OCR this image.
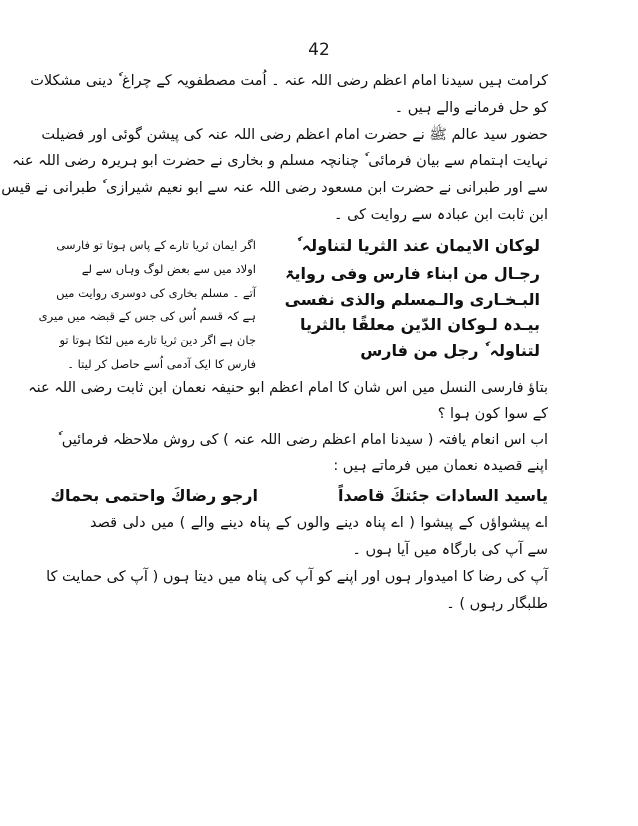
42
کرامت ہیں سیدنا امام اعظم رضی اللہ عنہ ۔ اُمت مصطفویہ کے چراغ ٗ دینی مشکلات
کو حل فرمانے والے ہیں ۔
حضور سید عالم ﷺ نے حضرت امام اعظم رضی اللہ عنہ کی پیشن گوئی اور فضیلت
نہایت اہتمام سے بیان فرمائی ٗ چنانچہ مسلم و بخاری نے حضرت ابو ہریرہ رضی اللہ عنہ
سے اور طبرانی نے حضرت ابن مسعود رضی اللہ عنہ سے ابو نعیم شیرازی ٗ طبرانی نے قیس
ابن ثابت ابن عبادہ سے روایت کی ۔
لوکان الایمان عند الثریا لتناولہ ٗ
رجـال من ابناء فارس وفی روایۃ
البـخـاری والـمسلم والذی نفسی
بیـدہ لـوکان الدّین معلقًا بالثریا
لتناولہ ٗ رجل من فارس
اگر ایمان ثریا تارے کے پاس ہوتا تو فارسی
اولاد میں سے بعض لوگ وہاں سے لے
آتے ۔ مسلم بخاری کی دوسری روایت میں
ہے کہ قسم اُس کی جس کے قبضہ میں میری
جان ہے اگر دین ثریا تارے میں لٹکا ہوتا تو
فارس کا ایک آدمی اُسے حاصل کر لیتا ۔
بتاؤ فارسی النسل میں اس شان کا امام اعظم ابو حنیفہ نعمان ابن ثابت رضی اللہ عنہ
کے سوا کون ہوا ؟
اب اس انعام یافتہ ( سیدنا امام اعظم رضی اللہ عنہ ) کی روش ملاحظہ فرمائیں ٗ
اپنے قصیدہ نعمان میں فرماتے ہیں :
یاسید السادات جئتكَ قاصداً
ارجو رضاكَ واحتمی بحماك
اے پیشواؤں کے پیشوا ( اے پناہ دینے والوں کے پناہ دینے والے ) میں دلی قصد
سے آپ کی بارگاہ میں آیا ہوں ۔
آپ کی رضا کا امیدوار ہوں اور اپنے کو آپ کی پناہ میں دیتا ہوں ( آپ کی حمایت کا
طلبگار رہوں ) ۔
